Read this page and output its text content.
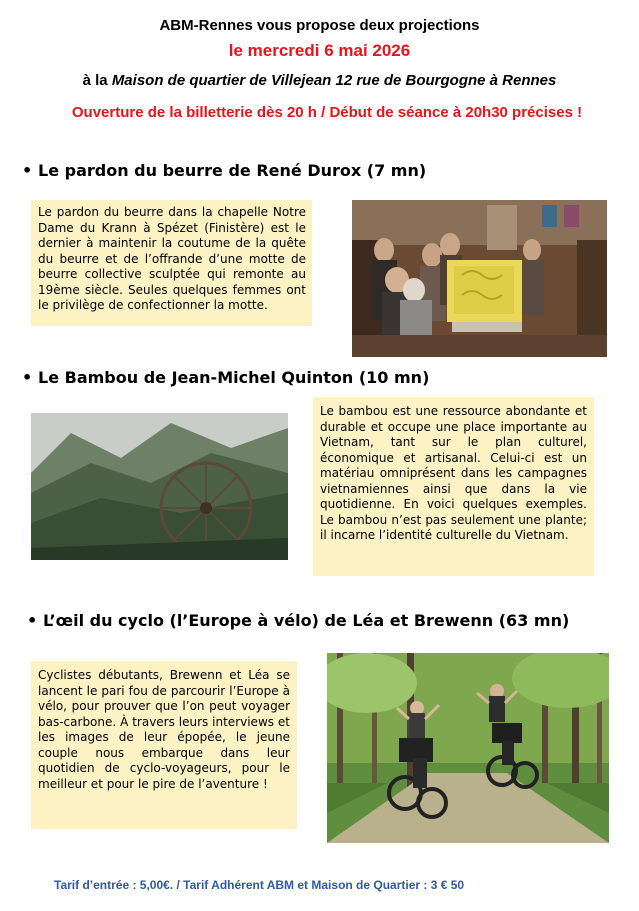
ABM-Rennes vous propose deux projections
le mercredi 6 mai 2026
à la Maison de quartier de Villejean 12 rue de Bourgogne à Rennes
Ouverture de la billetterie dès 20 h / Début de séance à 20h30 précises !
• Le pardon du beurre de René Durox (7 mn)
Le pardon du beurre dans la chapelle Notre Dame du Krann à Spézet (Finistère) est le dernier à maintenir la coutume de la quête du beurre et de l’offrande d’une motte de beurre collective sculptée qui remonte au 19ème siècle. Seules quelques femmes ont le privilège de confectionner la motte.
• Le Bambou de Jean-Michel Quinton (10 mn)
Le bambou est une ressource abondante et durable et occupe une place importante au Vietnam, tant sur le plan culturel, économique et artisanal. Celui-ci est un matériau omniprésent dans les campagnes vietnamiennes ainsi que dans la vie quotidienne. En voici quelques exemples. Le bambou n’est pas seulement une plante; il incarne l’identité culturelle du Vietnam.
• L’œil du cyclo (l’Europe à vélo) de Léa et Brewenn (63 mn)
Cyclistes débutants, Brewenn et Léa se lancent le pari fou de parcourir l’Europe à vélo, pour prouver que l’on peut voyager bas-carbone. À travers leurs interviews et les images de leur épopée, le jeune couple nous embarque dans leur quotidien de cyclo-voyageurs, pour le meilleur et pour le pire de l’aventure !
Tarif d’entrée : 5,00€. / Tarif Adhérent ABM et Maison de Quartier : 3 € 50
